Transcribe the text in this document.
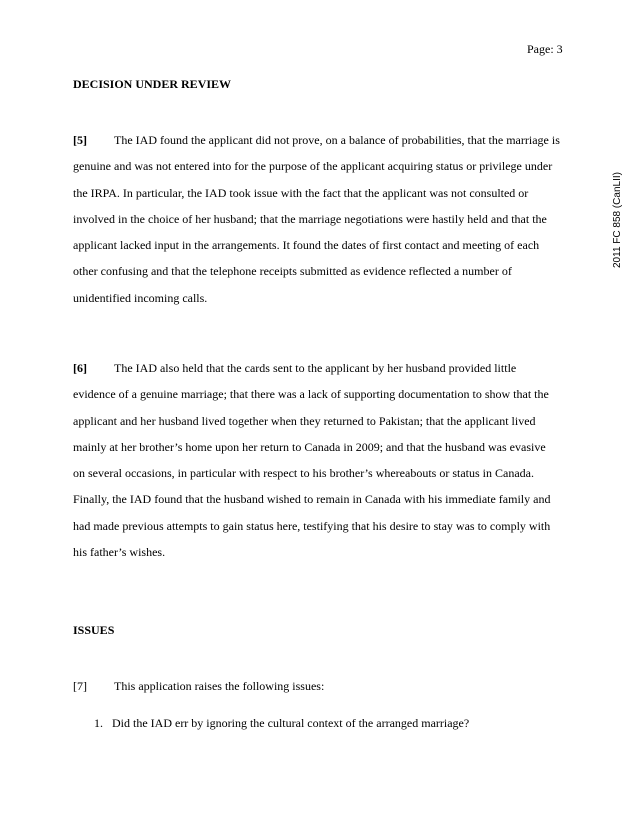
Page: 3
2011 FC 858 (CanLII)
DECISION UNDER REVIEW

[5] The IAD found the applicant did not prove, on a balance of probabilities, that the marriage is

genuine and was not entered into for the purpose of the applicant acquiring status or privilege under

the IRPA. In particular, the IAD took issue with the fact that the applicant was not consulted or

involved in the choice of her husband; that the marriage negotiations were hastily held and that the

applicant lacked input in the arrangements. It found the dates of first contact and meeting of each

other confusing and that the telephone receipts submitted as evidence reflected a number of

unidentified incoming calls.

[6] The IAD also held that the cards sent to the applicant by her husband provided little

evidence of a genuine marriage; that there was a lack of supporting documentation to show that the

applicant and her husband lived together when they returned to Pakistan; that the applicant lived

mainly at her brother’s home upon her return to Canada in 2009; and that the husband was evasive

on several occasions, in particular with respect to his brother’s whereabouts or status in Canada.

Finally, the IAD found that the husband wished to remain in Canada with his immediate family and

had made previous attempts to gain status here, testifying that his desire to stay was to comply with

his father’s wishes.

ISSUES

[7] This application raises the following issues:

1. Did the IAD err by ignoring the cultural context of the arranged marriage?
